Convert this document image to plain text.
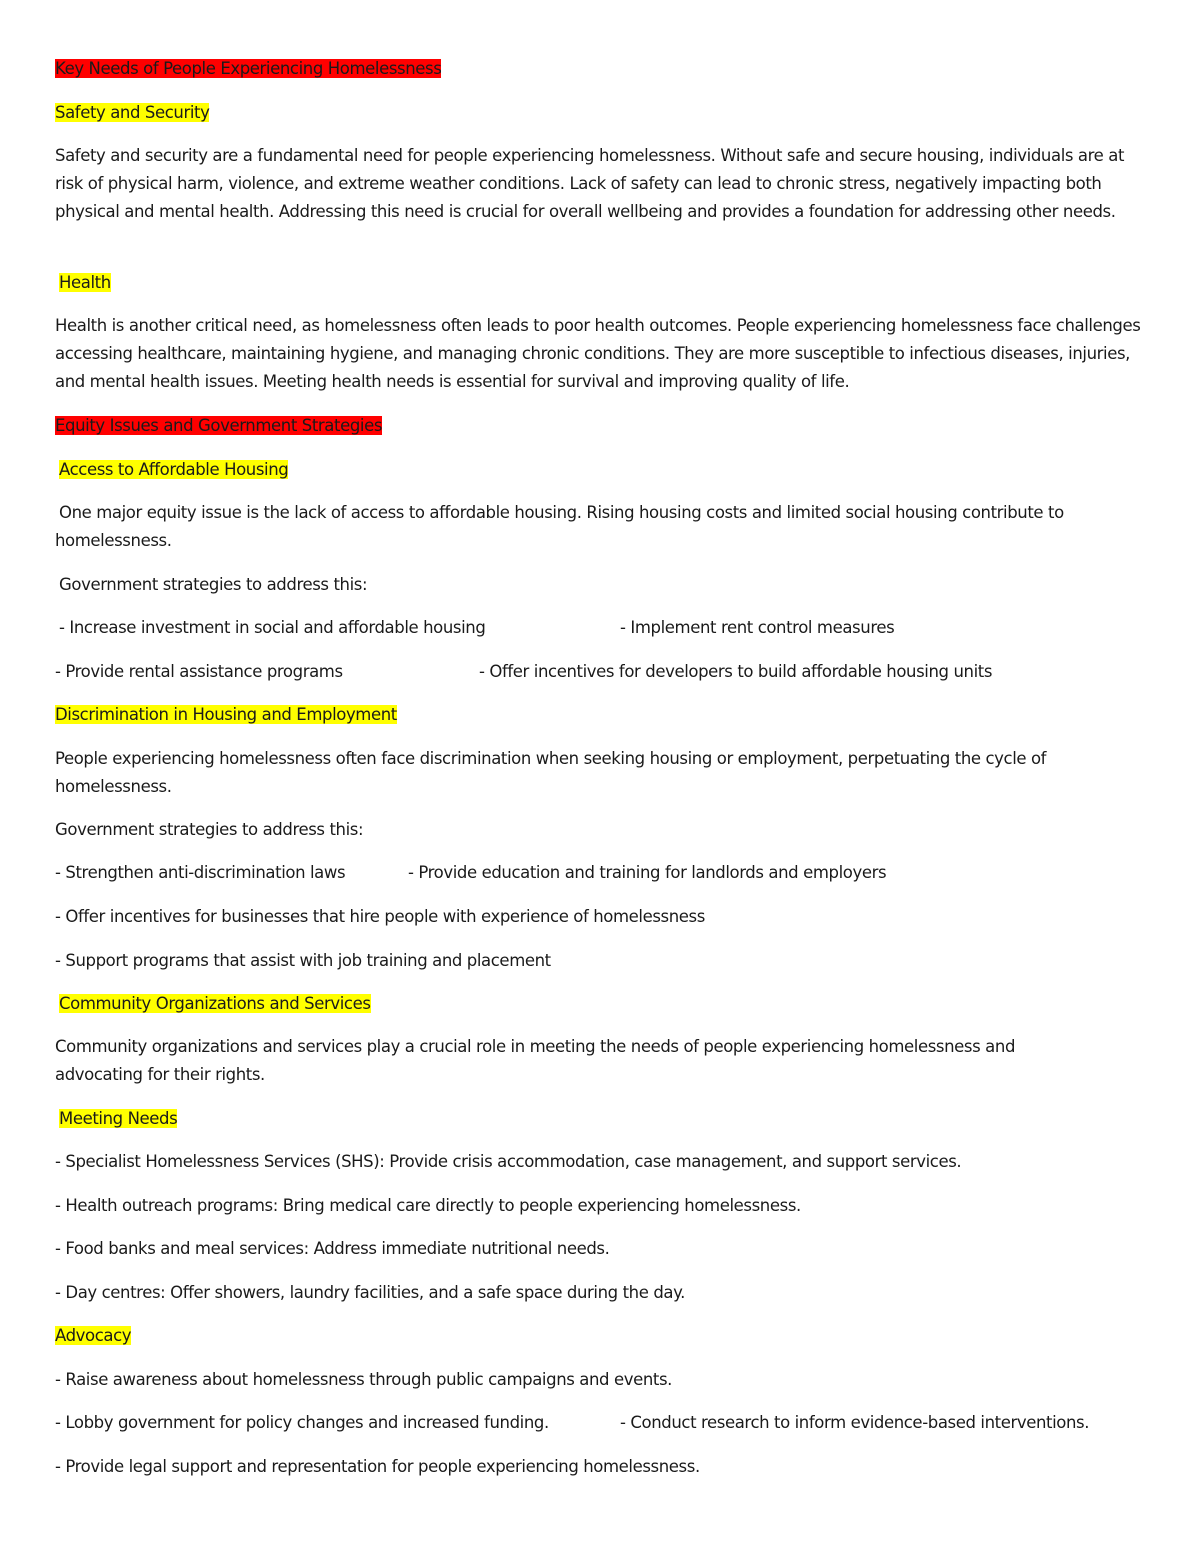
Key Needs of People Experiencing Homelessness
Safety and Security
Safety and security are a fundamental need for people experiencing homelessness. Without safe and secure housing, individuals are at risk of physical harm, violence, and extreme weather conditions. Lack of safety can lead to chronic stress, negatively impacting both physical and mental health. Addressing this need is crucial for overall wellbeing and provides a foundation for addressing other needs.
Health
Health is another critical need, as homelessness often leads to poor health outcomes. People experiencing homelessness face challenges accessing healthcare, maintaining hygiene, and managing chronic conditions. They are more susceptible to infectious diseases, injuries, and mental health issues. Meeting health needs is essential for survival and improving quality of life.
Equity Issues and Government Strategies
Access to Affordable Housing
One major equity issue is the lack of access to affordable housing. Rising housing costs and limited social housing contribute to homelessness.
Government strategies to address this:
- Increase investment in social and affordable housing	- Implement rent control measures
- Provide rental assistance programs	- Offer incentives for developers to build affordable housing units
Discrimination in Housing and Employment
People experiencing homelessness often face discrimination when seeking housing or employment, perpetuating the cycle of homelessness.
Government strategies to address this:
- Strengthen anti-discrimination laws	- Provide education and training for landlords and employers
- Offer incentives for businesses that hire people with experience of homelessness
- Support programs that assist with job training and placement
Community Organizations and Services
Community organizations and services play a crucial role in meeting the needs of people experiencing homelessness and advocating for their rights.
Meeting Needs
- Specialist Homelessness Services (SHS): Provide crisis accommodation, case management, and support services.
- Health outreach programs: Bring medical care directly to people experiencing homelessness.
- Food banks and meal services: Address immediate nutritional needs.
- Day centres: Offer showers, laundry facilities, and a safe space during the day.
Advocacy
- Raise awareness about homelessness through public campaigns and events.
- Lobby government for policy changes and increased funding.	- Conduct research to inform evidence-based interventions.
- Provide legal support and representation for people experiencing homelessness.
